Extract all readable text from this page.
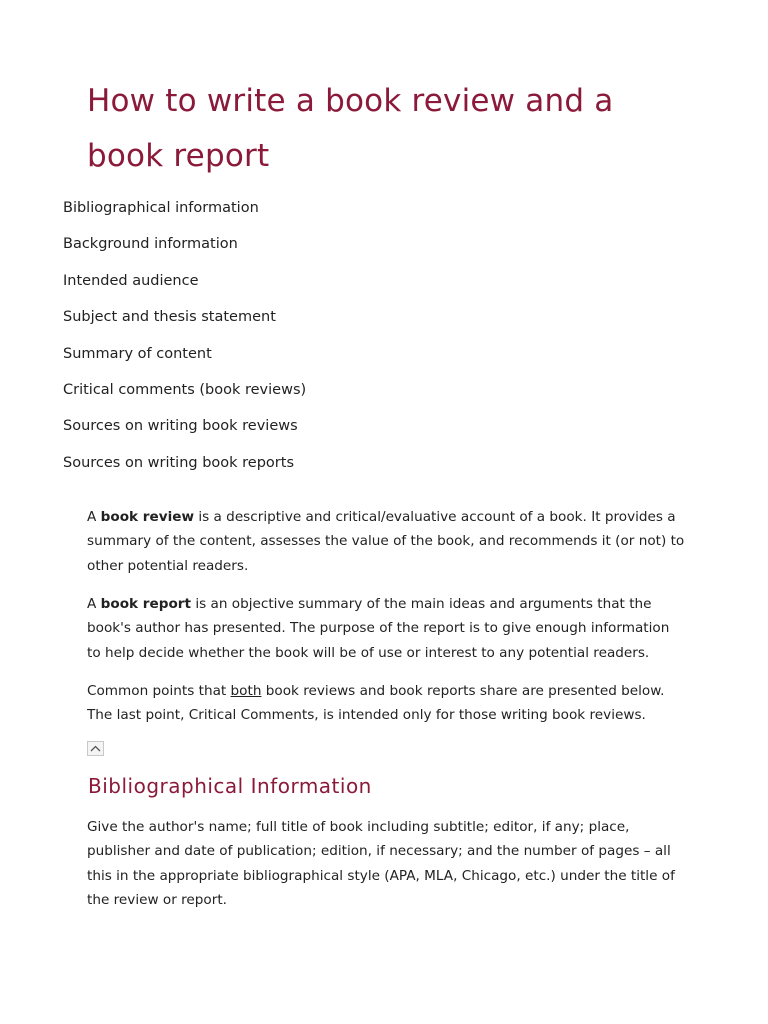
How to write a book review and a book report
Bibliographical information
Background information
Intended audience
Subject and thesis statement
Summary of content
Critical comments (book reviews)
Sources on writing book reviews
Sources on writing book reports

A book review is a descriptive and critical/evaluative account of a book. It provides a summary of the content, assesses the value of the book, and recommends it (or not) to other potential readers.

A book report is an objective summary of the main ideas and arguments that the book's author has presented. The purpose of the report is to give enough information to help decide whether the book will be of use or interest to any potential readers.

Common points that both book reviews and book reports share are presented below. The last point, Critical Comments, is intended only for those writing book reviews.

Bibliographical Information

Give the author's name; full title of book including subtitle; editor, if any; place, publisher and date of publication; edition, if necessary; and the number of pages – all this in the appropriate bibliographical style (APA, MLA, Chicago, etc.) under the title of the review or report.
